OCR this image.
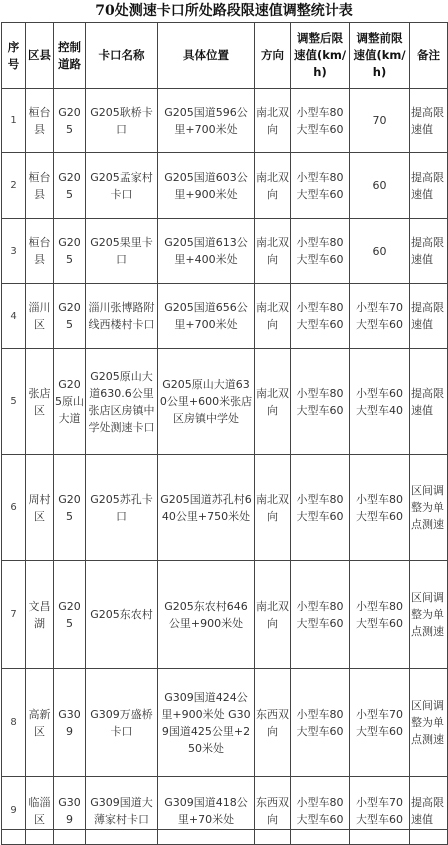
70处测速卡口所处路段限速值调整统计表
序号	区县	控制道路	卡口名称	具体位置	方向	调整后限速值(km/h)	调整前限速值(km/h)	备注
1	桓台县	G205	G205耿桥卡口	G205国道596公里+700米处	南北双向	小型车80 大型车60	70	提高限速值
2	桓台县	G205	G205孟家村卡口	G205国道603公里+900米处	南北双向	小型车80 大型车60	60	提高限速值
3	桓台县	G205	G205果里卡口	G205国道613公里+400米处	南北双向	小型车80 大型车60	60	提高限速值
4	淄川区	G205	淄川张博路附线西楼村卡口	G205国道656公里+700米处	南北双向	小型车80 大型车60	小型车70 大型车60	提高限速值
5	张店区	G205原山大道	G205原山大道630.6公里张店区房镇中学处测速卡口	G205原山大道630公里+600米张店区房镇中学处	南北双向	小型车80 大型车60	小型车60 大型车40	提高限速值
6	周村区	G205	G205苏孔卡口	G205国道苏孔村640公里+750米处	南北双向	小型车80 大型车60	小型车80 大型车60	区间调整为单点测速
7	文昌湖	G205	G205东农村	G205东农村646公里+900米处	南北双向	小型车80 大型车60	小型车80 大型车60	区间调整为单点测速
8	高新区	G309	G309万盛桥卡口	G309国道424公里+900米处 G309国道425公里+250米处	东西双向	小型车80 大型车60	小型车70 大型车60	区间调整为单点测速
9	临淄区	G309	G309国道大薄家村卡口	G309国道418公里+70米处	东西双向	小型车80 大型车60	小型车70 大型车60	提高限速值
